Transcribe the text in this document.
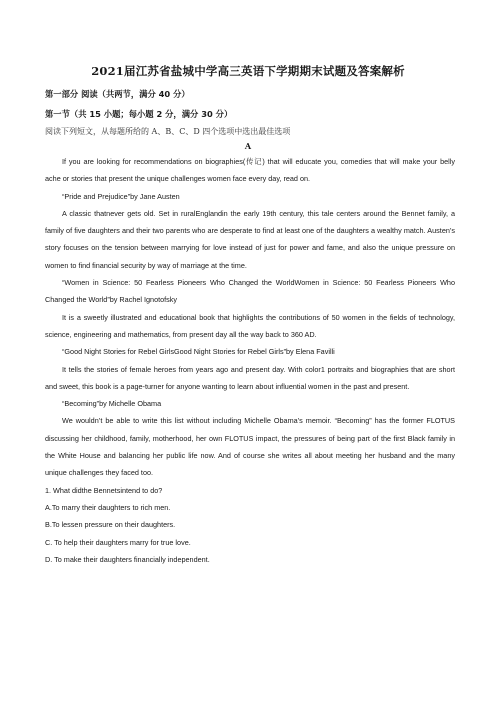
2021届江苏省盐城中学高三英语下学期期末试题及答案解析
第一部分 阅读（共两节，满分 40 分）
第一节（共 15 小题；每小题 2 分，满分 30 分）
阅读下列短文，从每题所给的 A、B、C、D 四个选项中选出最佳选项
A

If you are looking for recommendations on biographies(传记) that will educate you, comedies that will make your belly ache or stories that present the unique challenges women face every day, read on.

“Pride and Prejudice”by Jane Austen

A classic thatnever gets old. Set in ruralEnglandin the early 19th century, this tale centers around the Bennet family, a family of five daughters and their two parents who are desperate to find at least one of the daughters a wealthy match. Austen’s story focuses on the tension between marrying for love instead of just for power and fame, and also the unique pressure on women to find financial security by way of marriage at the time.

“Women in Science: 50 Fearless Pioneers Who Changed the WorldWomen in Science: 50 Fearless Pioneers Who Changed the World”by Rachel Ignotofsky

It is a sweetly illustrated and educational book that highlights the contributions of 50 women in the fields of technology, science, engineering and mathematics, from present day all the way back to 360 AD.

“Good Night Stories for Rebel GirlsGood Night Stories for Rebel Girls”by Elena Favilli

It tells the stories of female heroes from years ago and present day. With color1 portraits and biographies that are short and sweet, this book is a page-turner for anyone wanting to learn about influential women in the past and present.

“Becoming”by Michelle Obama

We wouldn’t be able to write this list without including Michelle Obama’s memoir. “Becoming” has the former FLOTUS discussing her childhood, family, motherhood, her own FLOTUS impact, the pressures of being part of the first Black family in the White House and balancing her public life now. And of course she writes all about meeting her husband and the many unique challenges they faced too.

1. What didthe Bennetsintend to do?

A.To marry their daughters to rich men.

B.To lessen pressure on their daughters.

C. To help their daughters marry for true love.

D. To make their daughters financially independent.
